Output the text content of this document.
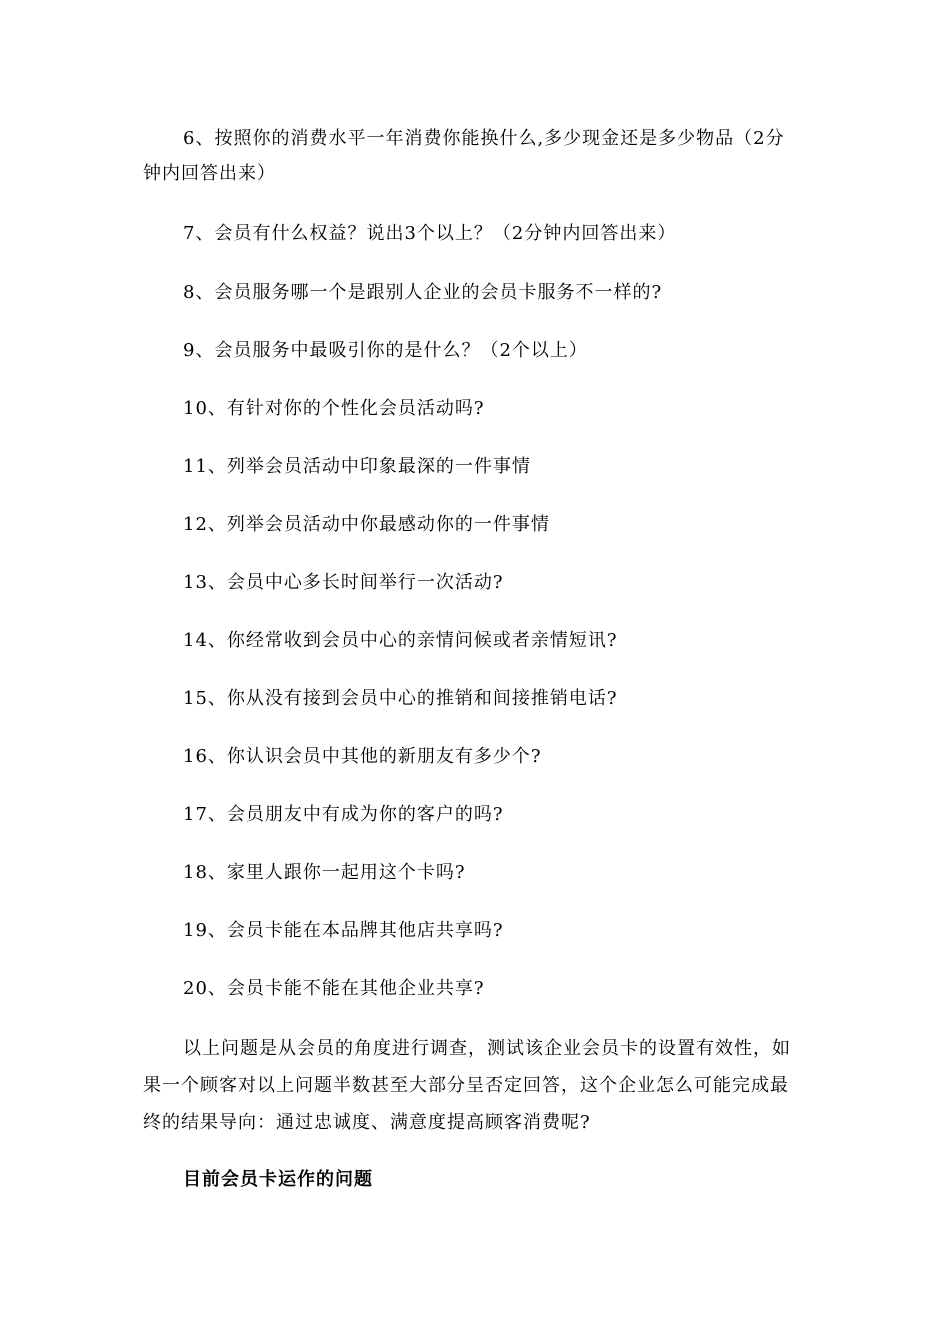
6、按照你的消费水平一年消费你能换什么,多少现金还是多少物品（2分
钟内回答出来）
7、会员有什么权益？说出3个以上？（2分钟内回答出来）
8、会员服务哪一个是跟别人企业的会员卡服务不一样的?
9、会员服务中最吸引你的是什么？（2个以上）
10、有针对你的个性化会员活动吗?
11、列举会员活动中印象最深的一件事情
12、列举会员活动中你最感动你的一件事情
13、会员中心多长时间举行一次活动?
14、你经常收到会员中心的亲情问候或者亲情短讯?
15、你从没有接到会员中心的推销和间接推销电话?
16、你认识会员中其他的新朋友有多少个?
17、会员朋友中有成为你的客户的吗?
18、家里人跟你一起用这个卡吗?
19、会员卡能在本品牌其他店共享吗?
20、会员卡能不能在其他企业共享?
以上问题是从会员的角度进行调查，测试该企业会员卡的设置有效性，如
果一个顾客对以上问题半数甚至大部分呈否定回答，这个企业怎么可能完成最
终的结果导向：通过忠诚度、满意度提高顾客消费呢?
目前会员卡运作的问题
